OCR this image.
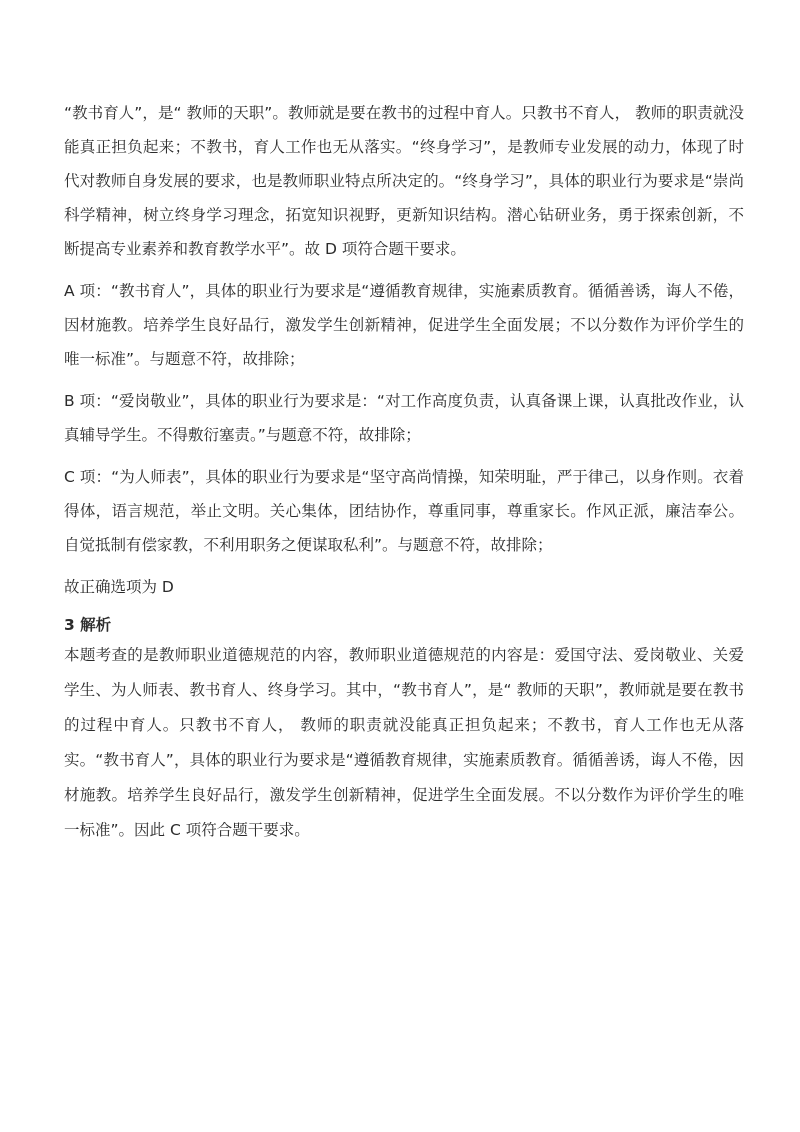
“教书育人”，是“ 教师的天职”。教师就是要在教书的过程中育人。只教书不育人， 教师的职责就没能真正担负起来；不教书，育人工作也无从落实。“终身学习”，是教师专业发展的动力，体现了时代对教师自身发展的要求，也是教师职业特点所决定的。“终身学习”，具体的职业行为要求是“崇尚科学精神，树立终身学习理念，拓宽知识视野，更新知识结构。潜心钻研业务，勇于探索创新，不断提高专业素养和教育教学水平”。故 D 项符合题干要求。

A 项：“教书育人”，具体的职业行为要求是“遵循教育规律，实施素质教育。循循善诱，诲人不倦，因材施教。培养学生良好品行，激发学生创新精神，促进学生全面发展；不以分数作为评价学生的唯一标准”。与题意不符，故排除；

B 项：“爱岗敬业”，具体的职业行为要求是：“对工作高度负责，认真备课上课，认真批改作业，认真辅导学生。不得敷衍塞责。”与题意不符，故排除；

C 项：“为人师表”，具体的职业行为要求是“坚守高尚情操，知荣明耻，严于律己，以身作则。衣着得体，语言规范，举止文明。关心集体，团结协作，尊重同事，尊重家长。作风正派，廉洁奉公。自觉抵制有偿家教，不利用职务之便谋取私利”。与题意不符，故排除；

故正确选项为 D

3 解析

本题考查的是教师职业道德规范的内容，教师职业道德规范的内容是：爱国守法、爱岗敬业、关爱学生、为人师表、教书育人、终身学习。其中，“教书育人”，是“ 教师的天职”，教师就是要在教书的过程中育人。只教书不育人， 教师的职责就没能真正担负起来；不教书，育人工作也无从落实。“教书育人”，具体的职业行为要求是“遵循教育规律，实施素质教育。循循善诱，诲人不倦，因材施教。培养学生良好品行，激发学生创新精神，促进学生全面发展。不以分数作为评价学生的唯一标准”。因此 C 项符合题干要求。
